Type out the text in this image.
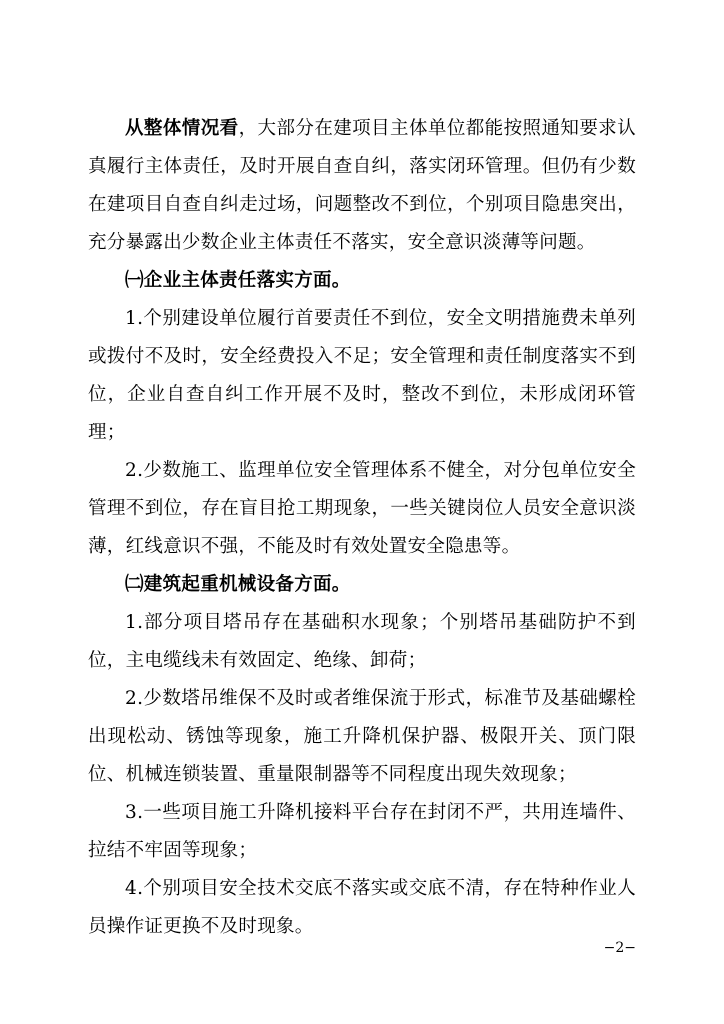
从整体情况看，大部分在建项目主体单位都能按照通知要求认真履行主体责任，及时开展自查自纠，落实闭环管理。但仍有少数在建项目自查自纠走过场，问题整改不到位，个别项目隐患突出，充分暴露出少数企业主体责任不落实，安全意识淡薄等问题。

㈠企业主体责任落实方面。

1.个别建设单位履行首要责任不到位，安全文明措施费未单列或拨付不及时，安全经费投入不足；安全管理和责任制度落实不到位，企业自查自纠工作开展不及时，整改不到位，未形成闭环管理；

2.少数施工、监理单位安全管理体系不健全，对分包单位安全管理不到位，存在盲目抢工期现象，一些关键岗位人员安全意识淡薄，红线意识不强，不能及时有效处置安全隐患等。

㈡建筑起重机械设备方面。

1.部分项目塔吊存在基础积水现象；个别塔吊基础防护不到位，主电缆线未有效固定、绝缘、卸荷；

2.少数塔吊维保不及时或者维保流于形式，标准节及基础螺栓出现松动、锈蚀等现象，施工升降机保护器、极限开关、顶门限位、机械连锁装置、重量限制器等不同程度出现失效现象；

3.一些项目施工升降机接料平台存在封闭不严，共用连墙件、拉结不牢固等现象；

4.个别项目安全技术交底不落实或交底不清，存在特种作业人员操作证更换不及时现象。

−2−
